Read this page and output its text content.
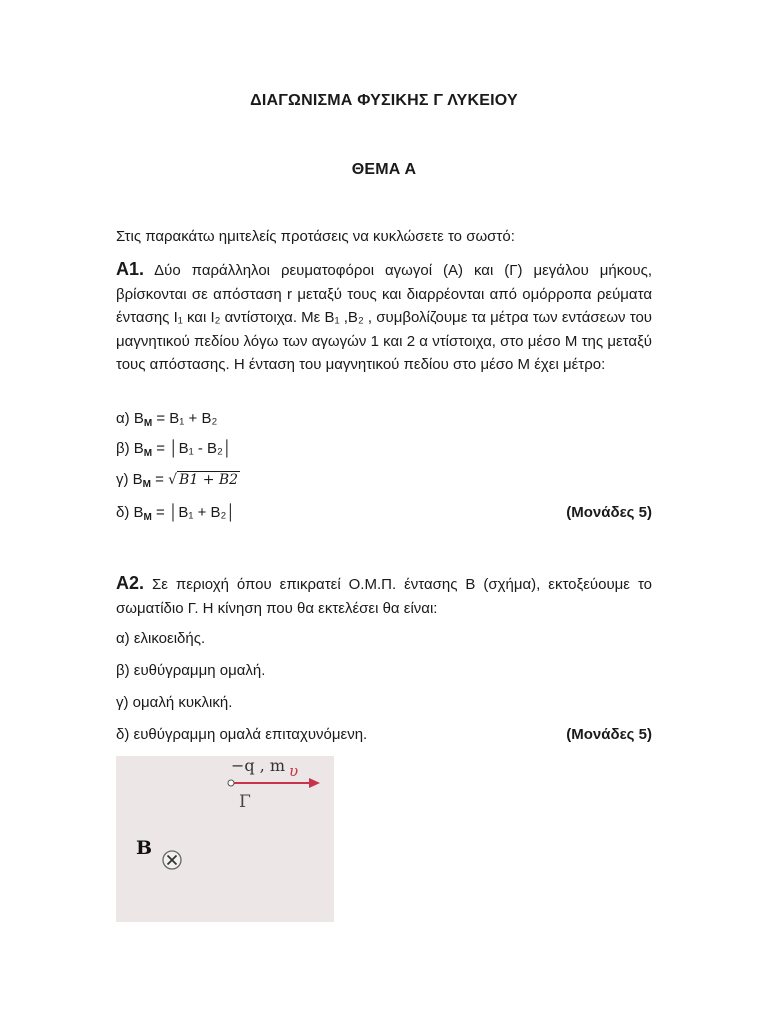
ΔΙΑΓΩΝΙΣΜΑ ΦΥΣΙΚΗΣ Γ ΛΥΚΕΙΟΥ
ΘΕΜΑ Α
Στις παρακάτω ημιτελείς προτάσεις να κυκλώσετε το σωστό:
Α1. Δύο παράλληλοι ρευματοφόροι αγωγοί (Α) και (Γ) μεγάλου μήκους, βρίσκονται σε απόσταση r μεταξύ τους και διαρρέονται από ομόρροπα ρεύματα έντασης I₁ και I₂ αντίστοιχα. Με Β₁ ,Β₂ , συμβολίζουμε τα μέτρα των εντάσεων του μαγνητικού πεδίου λόγω των αγωγών 1 και 2 α ντίστοιχα, στο μέσο Μ της μεταξύ τους απόστασης. Η ένταση του μαγνητικού πεδίου στο μέσο Μ έχει μέτρο:
α) $B_M = B_1 + B_2$
β) $B_M$ = │Β₁ - Β₂│
γ) $B_M$ = √ B1 + B2
δ) $B_M$ = │Β₁ + Β₂│	(Μονάδες 5)
Α2. Σε περιοχή όπου επικρατεί Ο.Μ.Π. έντασης Β (σχήμα), εκτοξεύουμε το σωματίδιο Γ. Η κίνηση που θα εκτελέσει θα είναι:
α) ελικοειδής.
β) ευθύγραμμη ομαλή.
γ) ομαλή κυκλική.
δ) ευθύγραμμη ομαλά επιταχυνόμενη.	(Μονάδες 5)
−q , m υ
Γ
B
